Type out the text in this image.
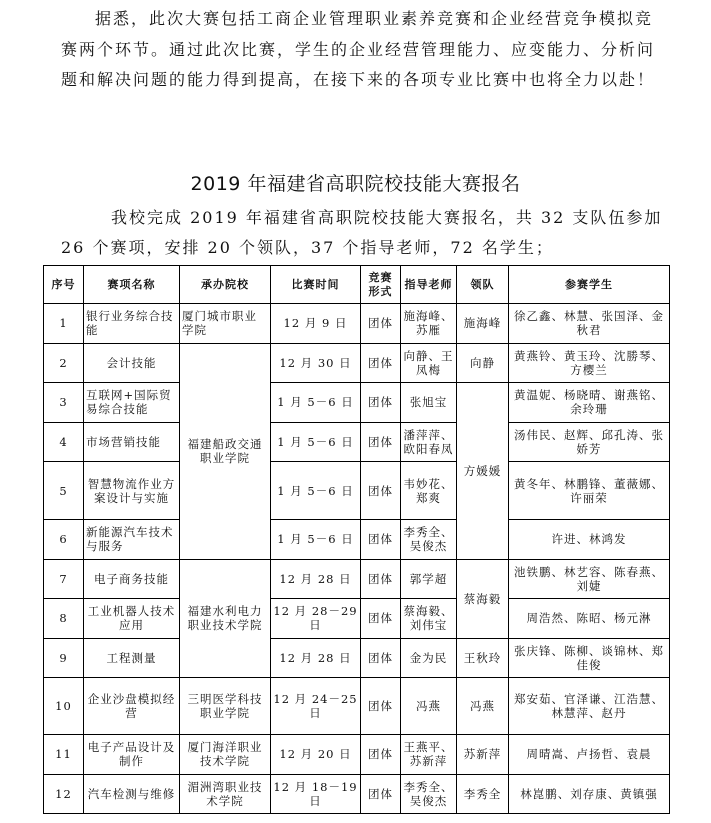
据悉，此次大赛包括工商企业管理职业素养竞赛和企业经营竞争模拟竞赛两个环节。通过此次比赛，学生的企业经营管理能力、应变能力、分析问题和解决问题的能力得到提高，在接下来的各项专业比赛中也将全力以赴！

2019 年福建省高职院校技能大赛报名

我校完成 2019 年福建省高职院校技能大赛报名，共 32 支队伍参加 26 个赛项，安排 20 个领队，37 个指导老师，72 名学生；

序号	赛项名称	承办院校	比赛时间	竞赛形式	指导老师	领队	参赛学生
1	银行业务综合技能	厦门城市职业学院	12 月 9 日	团体	施海峰、苏雁	施海峰	徐乙鑫、林慧、张国泽、金秋君
2	会计技能	福建船政交通职业学院	12 月 30 日	团体	向静、王凤梅	向静	黄燕铃、黄玉玲、沈勝琴、方樱兰
3	互联网+国际贸易综合技能		1 月 5－6 日	团体	张旭宝	方媛媛	黄温妮、杨晓晴、谢燕铭、余玲珊
4	市场营销技能		1 月 5－6 日	团体	潘萍萍、欧阳春凤		汤伟民、赵辉、邱孔涛、张娇芳
5	智慧物流作业方案设计与实施		1 月 5－6 日	团体	韦妙花、郑爽		黄冬年、林鹏锋、董薇娜、许丽荣
6	新能源汽车技术与服务		1 月 5－6 日	团体	李秀全、吴俊杰		许进、林鸿发
7	电子商务技能	福建水利电力职业技术学院	12 月 28 日	团体	郭学超	蔡海毅	池铁鹏、林艺容、陈春燕、刘婕
8	工业机器人技术应用		12 月 28－29 日	团体	蔡海毅、刘伟宝		周浩然、陈昭、杨元淋
9	工程测量		12 月 28 日	团体	金为民	王秋玲	张庆锋、陈柳、谈锦林、郑佳俊
10	企业沙盘模拟经营	三明医学科技职业学院	12 月 24－25 日	团体	冯燕	冯燕	郑安茹、官泽谦、江浩慧、林慧萍、赵丹
11	电子产品设计及制作	厦门海洋职业技术学院	12 月 20 日	团体	王燕平、苏新萍	苏新萍	周晴嵩、卢扬哲、袁晨
12	汽车检测与维修	湄洲湾职业技术学院	12 月 18－19 日	团体	李秀全、吴俊杰	李秀全	林崑鹏、刘存康、黄镇强
